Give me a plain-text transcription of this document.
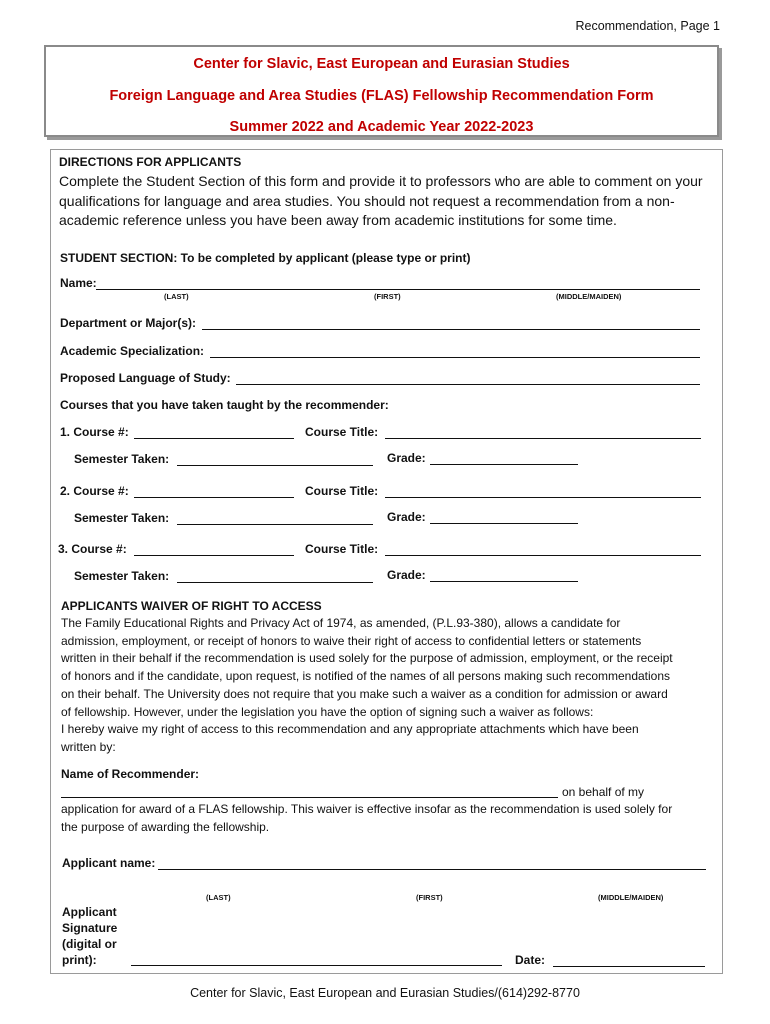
Recommendation, Page 1
Center for Slavic, East European and Eurasian Studies
Foreign Language and Area Studies (FLAS) Fellowship Recommendation Form
Summer 2022 and Academic Year 2022-2023
DIRECTIONS FOR APPLICANTS
Complete the Student Section of this form and provide it to professors who are able to comment on your
qualifications for language and area studies. You should not request a recommendation from a non-
academic reference unless you have been away from academic institutions for some time.
STUDENT SECTION: To be completed by applicant (please type or print)
Name:
(LAST)	(FIRST)	(MIDDLE/MAIDEN)
Department or Major(s):
Academic Specialization:
Proposed Language of Study:
Courses that you have taken taught by the recommender:
1. Course #:	Course Title:
Semester Taken:	Grade:
2. Course #:	Course Title:
Semester Taken:	Grade:
3. Course #:	Course Title:
Semester Taken:	Grade:
APPLICANTS WAIVER OF RIGHT TO ACCESS
The Family Educational Rights and Privacy Act of 1974, as amended, (P.L.93-380), allows a candidate for
admission, employment, or receipt of honors to waive their right of access to confidential letters or statements
written in their behalf if the recommendation is used solely for the purpose of admission, employment, or the receipt
of honors and if the candidate, upon request, is notified of the names of all persons making such recommendations
on their behalf. The University does not require that you make such a waiver as a condition for admission or award
of fellowship. However, under the legislation you have the option of signing such a waiver as follows:
I hereby waive my right of access to this recommendation and any appropriate attachments which have been
written by:
Name of Recommender:
on behalf of my
application for award of a FLAS fellowship. This waiver is effective insofar as the recommendation is used solely for
the purpose of awarding the fellowship.
Applicant name:
(LAST)	(FIRST)	(MIDDLE/MAIDEN)
Applicant
Signature
(digital or
print):	Date:
Center for Slavic, East European and Eurasian Studies/(614)292-8770
